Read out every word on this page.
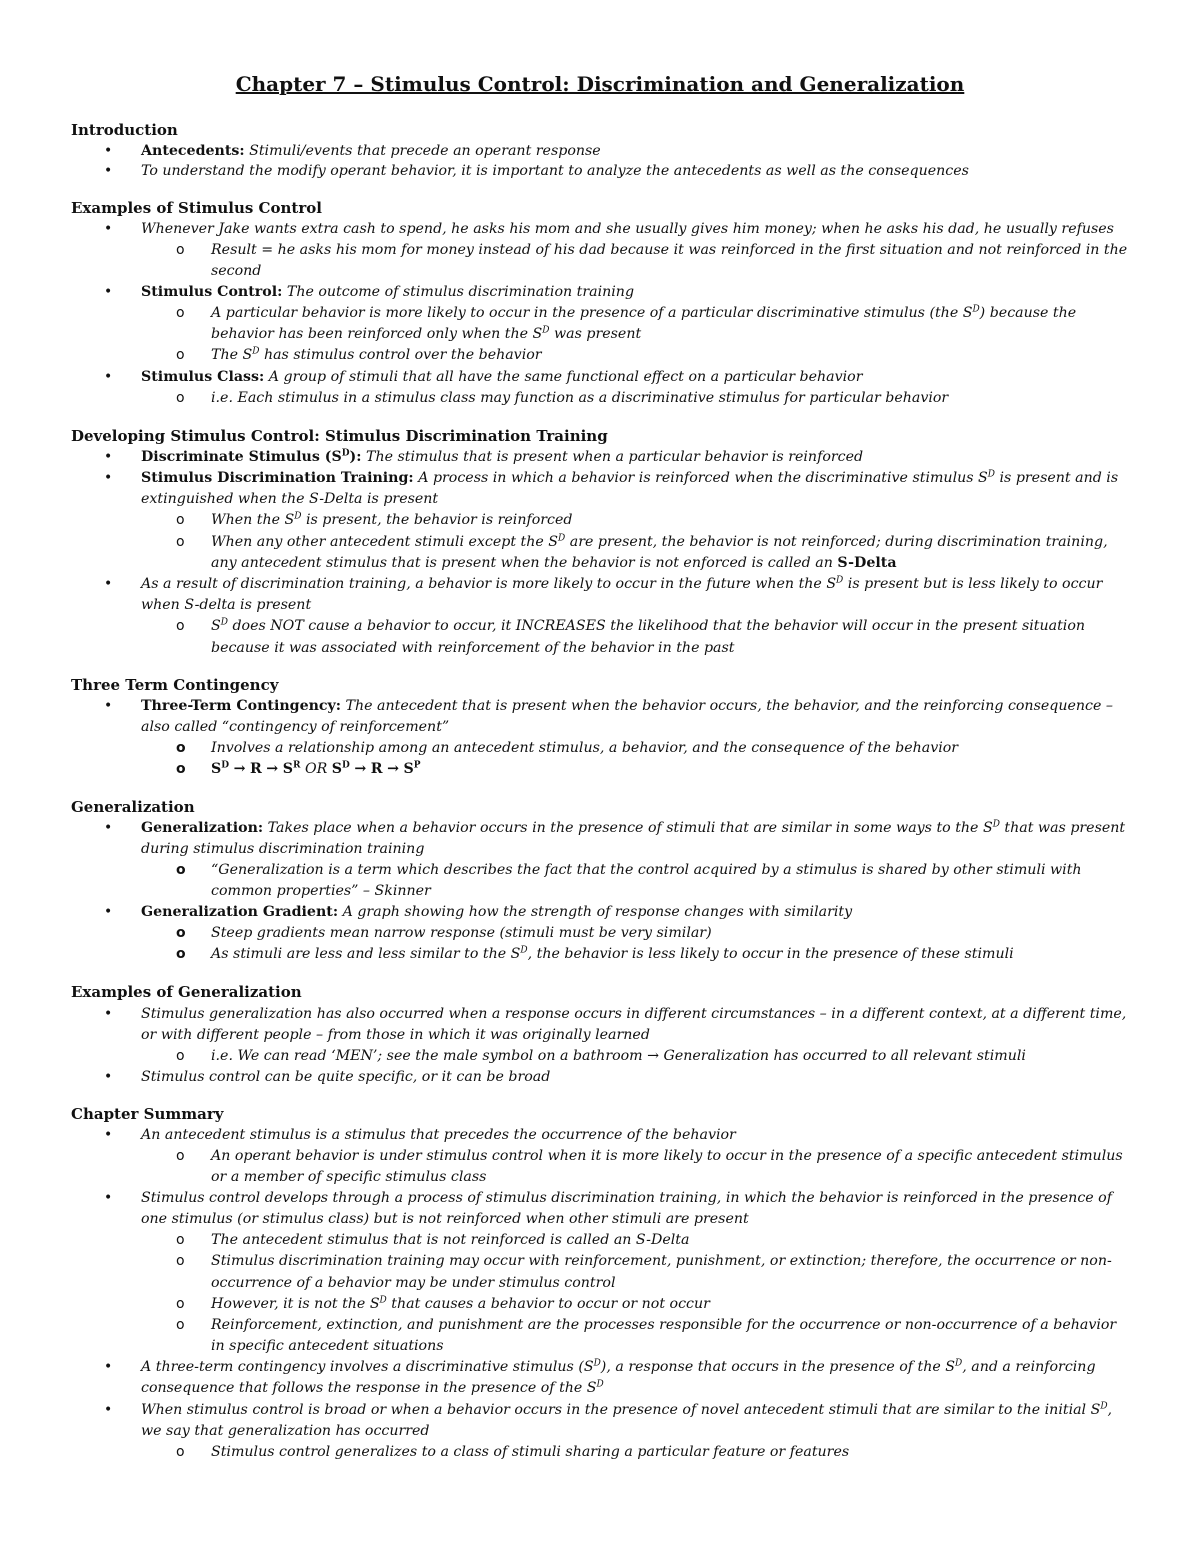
Chapter 7 – Stimulus Control: Discrimination and Generalization

Introduction

• Antecedents: Stimuli/events that precede an operant response

• To understand the modify operant behavior, it is important to analyze the antecedents as well as the consequences

Examples of Stimulus Control

• Whenever Jake wants extra cash to spend, he asks his mom and she usually gives him money; when he asks his dad, he usually refuses

o Result = he asks his mom for money instead of his dad because it was reinforced in the first situation and not reinforced in the

second

• Stimulus Control: The outcome of stimulus discrimination training

o A particular behavior is more likely to occur in the presence of a particular discriminative stimulus (the $S^D$) because the

behavior has been reinforced only when the $S^D$ was present

o The $S^D$ has stimulus control over the behavior

• Stimulus Class: A group of stimuli that all have the same functional effect on a particular behavior

o i.e. Each stimulus in a stimulus class may function as a discriminative stimulus for particular behavior

Developing Stimulus Control: Stimulus Discrimination Training

• Discriminate Stimulus $(S^D)$: The stimulus that is present when a particular behavior is reinforced

• Stimulus Discrimination Training: A process in which a behavior is reinforced when the discriminative stimulus $S^D$ is present and is

extinguished when the S-Delta is present

o When the $S^D$ is present, the behavior is reinforced

o When any other antecedent stimuli except the $S^D$ are present, the behavior is not reinforced; during discrimination training,

any antecedent stimulus that is present when the behavior is not enforced is called an S-Delta

• As a result of discrimination training, a behavior is more likely to occur in the future when the $S^D$ is present but is less likely to occur

when S-delta is present

o $S^D$ does NOT cause a behavior to occur, it INCREASES the likelihood that the behavior will occur in the present situation

because it was associated with reinforcement of the behavior in the past

Three Term Contingency

• Three-Term Contingency: The antecedent that is present when the behavior occurs, the behavior, and the reinforcing consequence –

also called “contingency of reinforcement”

o Involves a relationship among an antecedent stimulus, a behavior, and the consequence of the behavior

o $S^D \to R \to S^R$ OR $S^D \to R \to S^P$

Generalization

• Generalization: Takes place when a behavior occurs in the presence of stimuli that are similar in some ways to the $S^D$ that was present

during stimulus discrimination training

o “Generalization is a term which describes the fact that the control acquired by a stimulus is shared by other stimuli with

common properties” – Skinner

• Generalization Gradient: A graph showing how the strength of response changes with similarity

o Steep gradients mean narrow response (stimuli must be very similar)

o As stimuli are less and less similar to the $S^D$, the behavior is less likely to occur in the presence of these stimuli

Examples of Generalization

• Stimulus generalization has also occurred when a response occurs in different circumstances – in a different context, at a different time,

or with different people – from those in which it was originally learned

o i.e. We can read ‘MEN’; see the male symbol on a bathroom → Generalization has occurred to all relevant stimuli

• Stimulus control can be quite specific, or it can be broad

Chapter Summary

• An antecedent stimulus is a stimulus that precedes the occurrence of the behavior

o An operant behavior is under stimulus control when it is more likely to occur in the presence of a specific antecedent stimulus

or a member of specific stimulus class

• Stimulus control develops through a process of stimulus discrimination training, in which the behavior is reinforced in the presence of

one stimulus (or stimulus class) but is not reinforced when other stimuli are present

o The antecedent stimulus that is not reinforced is called an S-Delta

o Stimulus discrimination training may occur with reinforcement, punishment, or extinction; therefore, the occurrence or non-

occurrence of a behavior may be under stimulus control

o However, it is not the $S^D$ that causes a behavior to occur or not occur

o Reinforcement, extinction, and punishment are the processes responsible for the occurrence or non-occurrence of a behavior

in specific antecedent situations

• A three-term contingency involves a discriminative stimulus $(S^D)$, a response that occurs in the presence of the $S^D$, and a reinforcing

consequence that follows the response in the presence of the $S^D$

• When stimulus control is broad or when a behavior occurs in the presence of novel antecedent stimuli that are similar to the initial $S^D$,

we say that generalization has occurred

o Stimulus control generalizes to a class of stimuli sharing a particular feature or features
